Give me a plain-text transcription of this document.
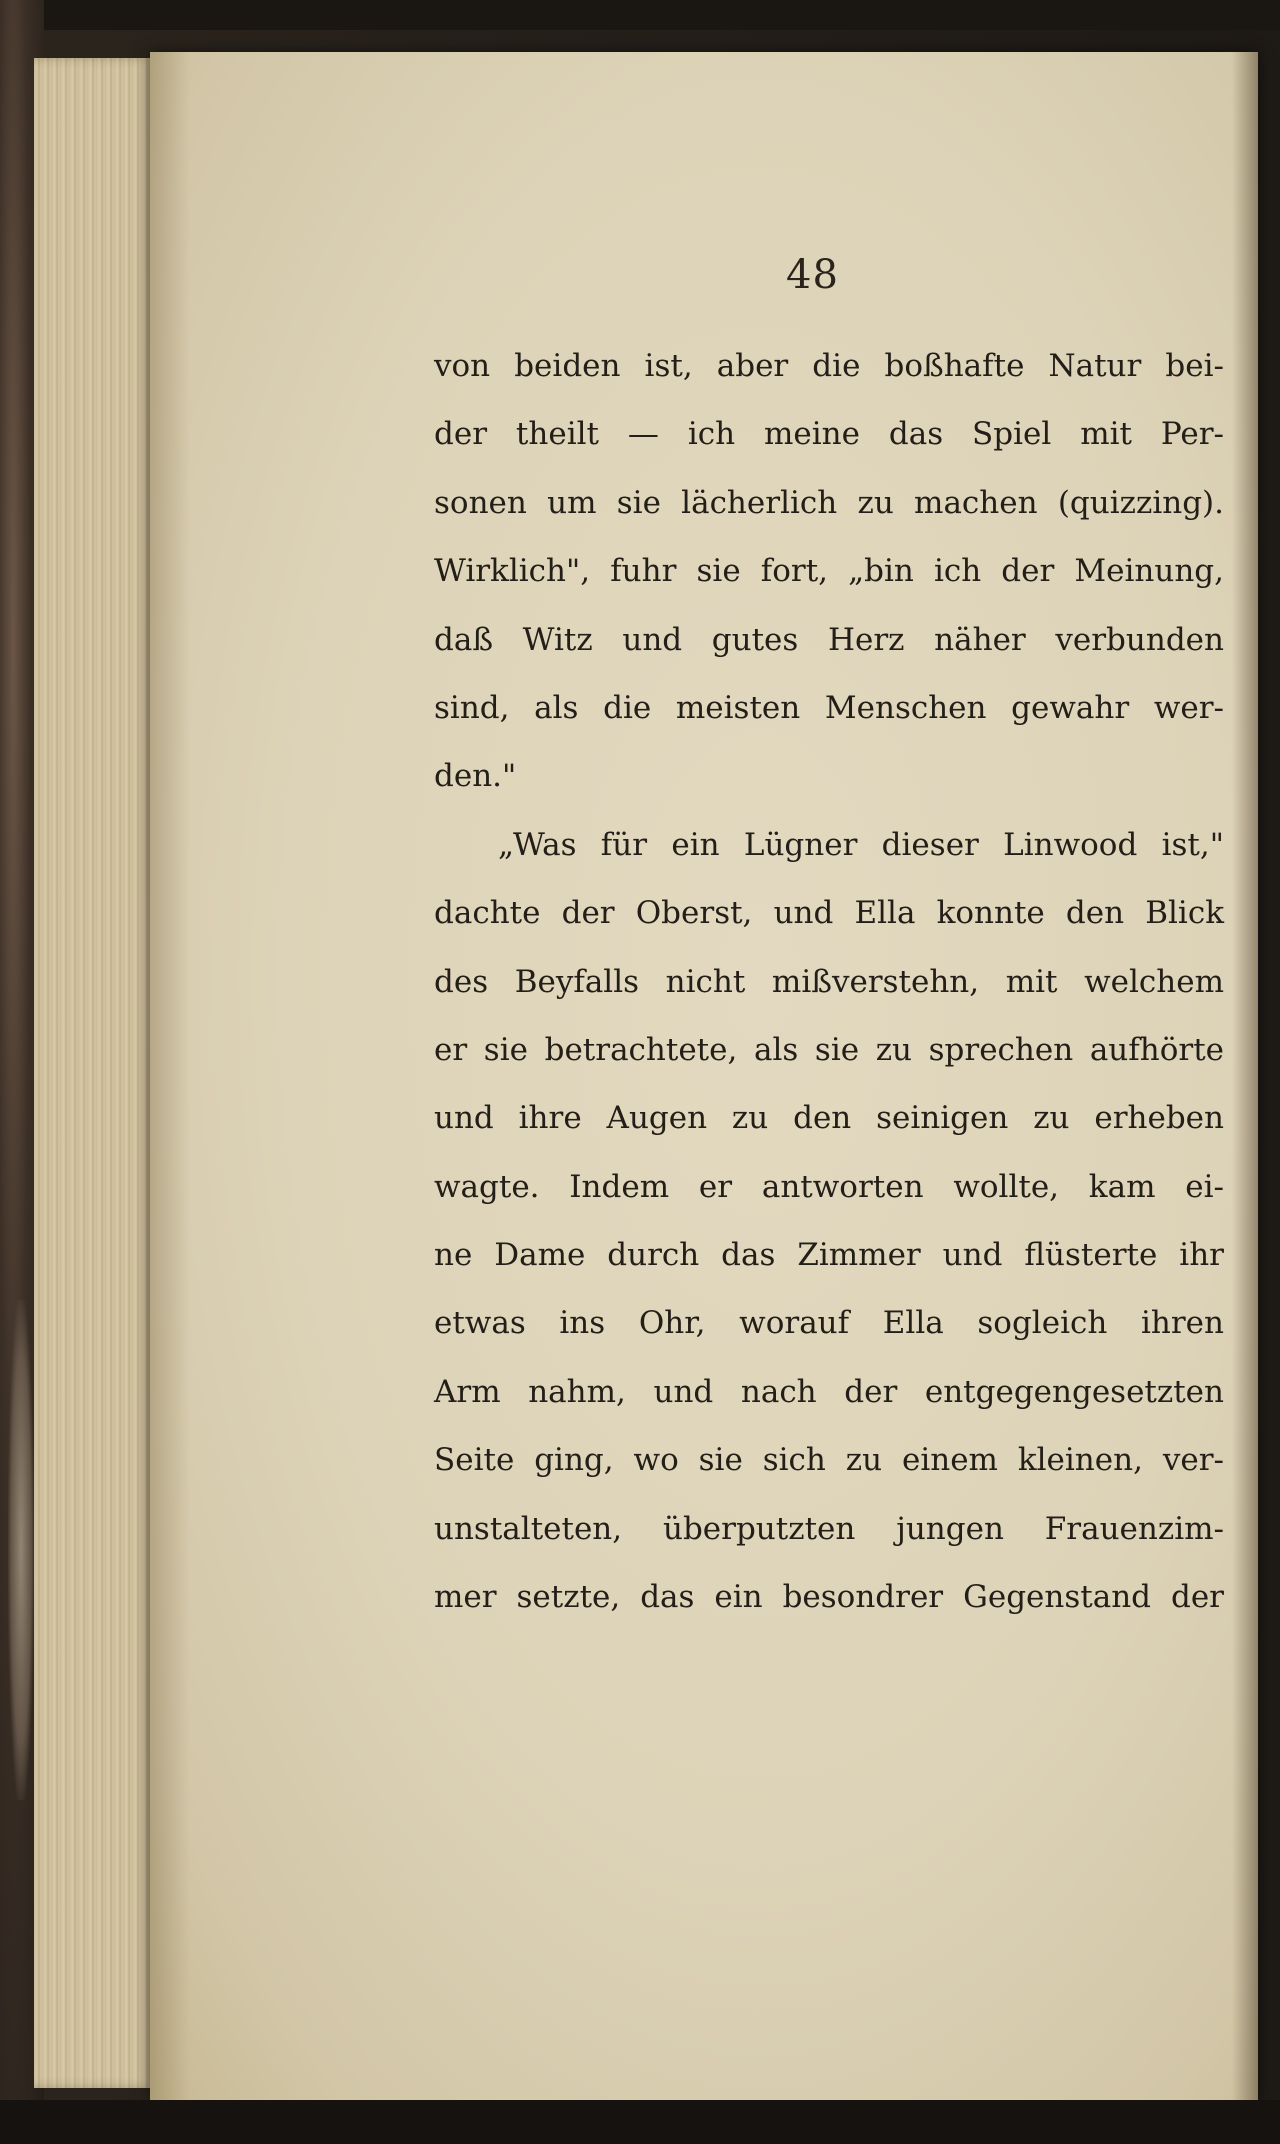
48
von beiden ist, aber die boßhafte Natur bei-
der theilt — ich meine das Spiel mit Per-
sonen um sie lächerlich zu machen (quizzing).
Wirklich", fuhr sie fort, „bin ich der Meinung,
daß Witz und gutes Herz näher verbunden
sind, als die meisten Menschen gewahr wer-
den."
„Was für ein Lügner dieser Linwood ist,"
dachte der Oberst, und Ella konnte den Blick
des Beyfalls nicht mißverstehn, mit welchem
er sie betrachtete, als sie zu sprechen aufhörte
und ihre Augen zu den seinigen zu erheben
wagte. Indem er antworten wollte, kam ei-
ne Dame durch das Zimmer und flüsterte ihr
etwas ins Ohr, worauf Ella sogleich ihren
Arm nahm, und nach der entgegengesetzten
Seite ging, wo sie sich zu einem kleinen, ver-
unstalteten, überputzten jungen Frauenzim-
mer setzte, das ein besondrer Gegenstand der
